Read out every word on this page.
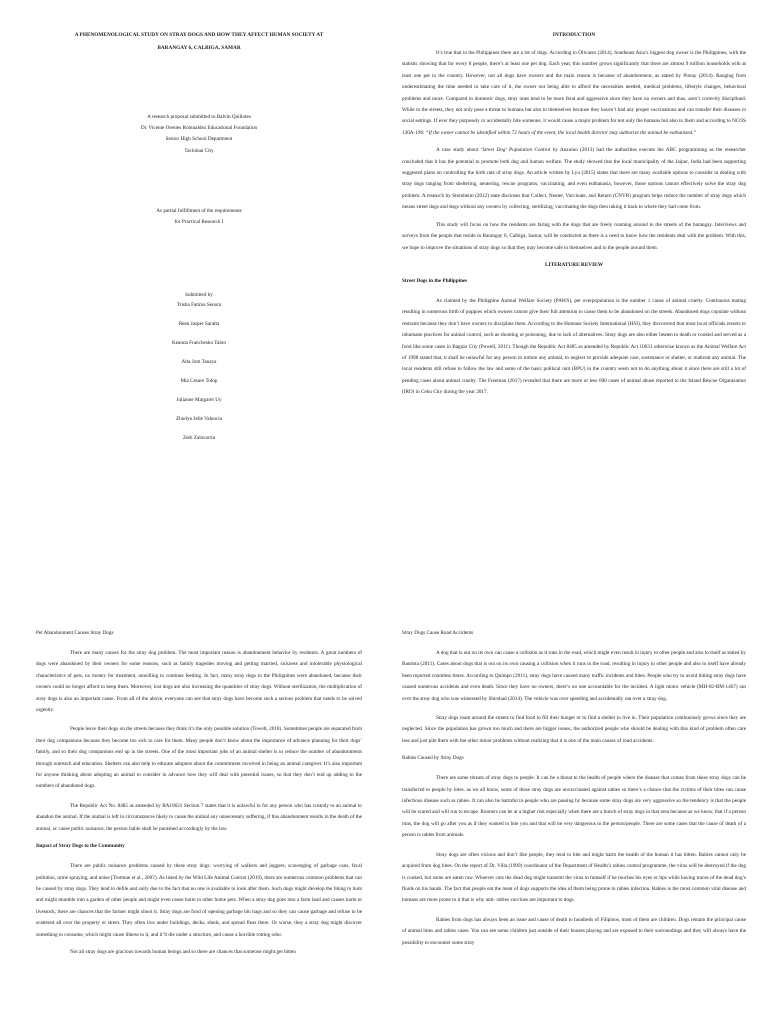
A PHENOMENOLOGICAL STUDY ON STRAY DOGS AND HOW THEY AFFECT HUMAN SOCIETY AT
BARANGAY 6, CALBIGA, SAMAR
A research proposal submitted to Balvin Quillotes
Dr. Vicente Orestes Romualdez Educational Foundation
Senior High School Department
Tacloban City
As partial fulfillment of the requirements
for Practical Research I
Submitted by
Trisha Fatima Senora
Reen Jasper Saralta
Keanna Franchesko Talon
Alta Jom Tanaya
Mia Cesare Tolop
Julianne Margaret Uy
Zhielyn Jelle Valencia
Zeth Zalavarria
INTRODUCTION

It’s true that in the Philippines there are a lot of dogs. According to Olivarez (2014), Southeast Asia’s biggest dog owner is the Philippines, with the statistic showing that for every 8 people, there’s at least one pet dog. Each year, this number grows significantly that there are almost 9 million households with at least one pet in the country. However, not all dogs have owners and the main reason is because of abandonment, as stated by Pimay (2014). Ranging from underestimating the time needed to take care of it, the owner not being able to afford the necessities needed, medical problems, lifestyle changes, behavioral problems and more. Compared to domestic dogs, stray ones tend to be more feral and aggressive since they have no owners and thus, aren’t correctly disciplined. While in the streets, they not only pose a threat to humans but also to themselves because they haven’t had any proper vaccinations and can transfer their diseases in social settings. If ever they purposely or accidentally bite someone, it would cause a major problem for not only the humans but also to them and according to NCOS 130A-196: “If the owner cannot be identified within 72 hours of the event, the local health director may authorize the animal be euthanized.”

A case study about ‘Street Dog’ Population Control by Anzuino (2013) had the authorities execute the ABC programming as the researcher concluded that it has the potential to promote both dog and human welfare. The study showed that the local municipality of the Jaipur, India had been supporting suggested plans on controlling the birth rate of stray dogs. An article written by Lyu (2015) states that there are many available options to consider in dealing with stray dogs ranging from sheltering, neutering, rescue programs, vaccinating, and even euthanasia, however, those options cannot effectively solve the stray dog problem. A research by Sternheim (2012) state discloses that Collect, Neuter, Vaccinate, and Return (CNVR) program helps reduce the number of stray dogs which means street dogs and dogs without any owners by collecting, sterilizing, vaccinating the dogs then taking it back to where they had come from.

This study will focus on how the residents are faring with the dogs that are freely roaming around in the streets of the barangay. Interviews and surveys from the people that reside in Barangay 6, Calbiga, Samar, will be conducted as there is a need to know how the residents deal with the problem. With this, we hope to improve the situations of stray dogs so that they may become safe to themselves and to the people around them.

LITERATURE REVIEW
Street Dogs in the Philippines

As claimed by the Philippine Animal Welfare Society (PAWS), pet overpopulation is the number 1 cause of animal cruelty. Continuous mating resulting in numerous birth of puppies which owners cannot give their full attention to cause them to be abandoned on the streets. Abandoned dogs copulate without restraint because they don’t have owners to discipline them. According to the Humane Society International (HSI), they discovered that most local officials resorts to inhumane practices for animal control, such as shooting or poisoning, due to lack of alternatives. Stray dogs are also either beaten to death or cooked and served as a food like some cases in Baguio City (Powell, 2011). Though the Republic Act 8485 as amended by Republic Act 10631 otherwise known as the Animal Welfare Act of 1998 stated that, it shall be unlawful for any person to torture any animal, to neglect to provide adequate care, sustenance or shelter, or maltreat any animal. The local residents still refuse to follow the law and some of the basic political unit (BPU) in the country seem not to do anything about it since there are still a lot of pending cases about animal cruelty. The Freeman (2017) revealed that there are more or less 600 cases of animal abuse reported to the Island Rescue Organization (IRO) in Cebu City during the year 2017.

Pet Abandonment Causes Stray Dogs

There are many causes for the stray dog problem. The most important reason is abandonment behavior by residents. A great numbers of dogs were abandoned by their owners for some reasons, such as family tragedies moving and getting married, sickness and intolerable physiological characteristics of pets, no money for treatment, unwilling to continue feeding. In fact, many stray dogs in the Philippines were abandoned, because their owners could no longer afford to keep them. Moreover, lost dogs are also increasing the quantities of stray dogs. Without sterilization, the multiplication of stray dogs is also an important cause. From all of the above, everyone can see that stray dogs have become such a serious problem that needs to be solved urgently.

People leave their dogs on the streets because they think it’s the only possible solution (Towell, 2018). Sometimes people are separated from their dog companions because they become too sick to care for them. Many people don’t know about the importance of advance planning for their dogs’ family, and so their dog companions end up in the streets. One of the most important jobs of an animal shelter is to reduce the number of abandonments through outreach and education. Shelters can also help to educate adopters about the commitment involved in being an animal caregiver. It’s also important for anyone thinking about adopting an animal to consider in advance how they will deal with potential issues, so that they don’t end up adding to the numbers of abandoned dogs.

The Republic Act No. 8485 as amended by RA10631 Section 7 states that it is unlawful to for any person who has custody to an animal to abandon the animal. If the animal is left in circumstances likely to cause the animal any unnecessary suffering, if this abandonment results in the death of the animal, or cause public nuisance, the person liable shall be punished accordingly by the law.

Impact of Stray Dogs to the Community

There are public nuisance problems caused by these stray dogs: worrying of walkers and joggers, scavenging of garbage cans, fecal pollution, urine spraying, and noise [Trotman et al., 2007). As listed by the Wild Life Animal Control (2019), there are numerous common problems that can be caused by stray dogs. They tend to defile and sully due to the fact that no one is available to look after them. Such dogs might develop the liking to hunt and might mumble into a garden of other people and might even cause harm to other home pets. When a stray dog goes into a farm land and causes harm to livestock, there are chances that the farmer might shoot it. Stray dogs are fond of opening garbage bin bags and so they can cause garbage and refuse to be scattered all over the property or street. They often live under buildings, decks, sheds, and spread fleas there. Or worse, they a stray dog might discover something to consume, which might cause illness to it, and it’ll die under a structure, and cause a horrible rotting odor.

Not all stray dogs are gracious towards human beings and so there are chances that someone might get bitten

Stray Dogs Cause Road Accidents

A dog that is out on its own can cause a collision as it runs in the road, which might even result in injury to other people and also to itself as stated by Bautista (2011). Cases about dogs that is out on its own causing a collision when it runs in the road, resulting in injury to other people and also to itself have already been reported countless times. According to Quimpo (2011), stray dogs have caused many traffic incidents and bites. People who try to avoid hitting stray dogs have caused numerous accidents and even death. Since they have no owners, there’s no one accountable for the incident. A light motor vehicle (MH-02-BM-1467) ran over the stray dog who was witnessed by Shirshad (2014). The vehicle was over speeding and accidentally ran over a stray dog.

Stray dogs roam around the streets to find food to fill their hunger or to find a shelter to live in. Their population continuously grows since they are neglected. Since the population has grown too much and there are bigger issues, the authorized people who should be dealing with this kind of problem often care less and just pile them with the other minor problems without realizing that it is one of the main causes of road accidents.

Rabies Caused by Stray Dogs

There are some threats of stray dogs to people. It can be a threat to the health of people where the disease that comes from these stray dogs can be transferred to people by bites. as we all know, some of these stray dogs are unvaccinated against rabies so there’s a chance that the victims of their bites can cause infectious disease such as rabies. It can also be harmful to people who are passing by because some stray dogs are very aggressive so the tendency is that the people will be scared and will run to escape. Runners can be at a higher risk especially when there are a bunch of stray dogs in that area because as we know, that if a person runs, the dog will go after you as if they wanted to bite you and that will be very dangerous to the person/people. There are some cases that the cause of death of a person is rabies from animals.

Stray dogs are often vicious and don’t like people, they tend to bite and might harm the health of the human it has bitten. Rabies cannot only be acquired from dog bites. On the report of Dr. Villa (1999) coordinator of the Department of Health’s rabies control programme, the virus will be destroyed if the dog is cooked, but some are eaten raw. Whoever cuts the dead dog might transmit the virus to himself if he touches his eyes or lips while having traces of the dead dog’s fluids on his hands. The fact that people eat the meat of dogs supports the idea of them being prone to rabies infection. Rabies is the most common viral disease and humans are more prone to it that is why anti- rabies vaccines are important to dogs.

Rabies from dogs has always been an issue and cause of death to hundreds of Filipinos, most of them are children. Dogs remain the principal cause of animal bites and rabies cases. You can see some children just outside of their houses playing and are exposed to their surroundings and they will always have the possibility to encounter some stray
